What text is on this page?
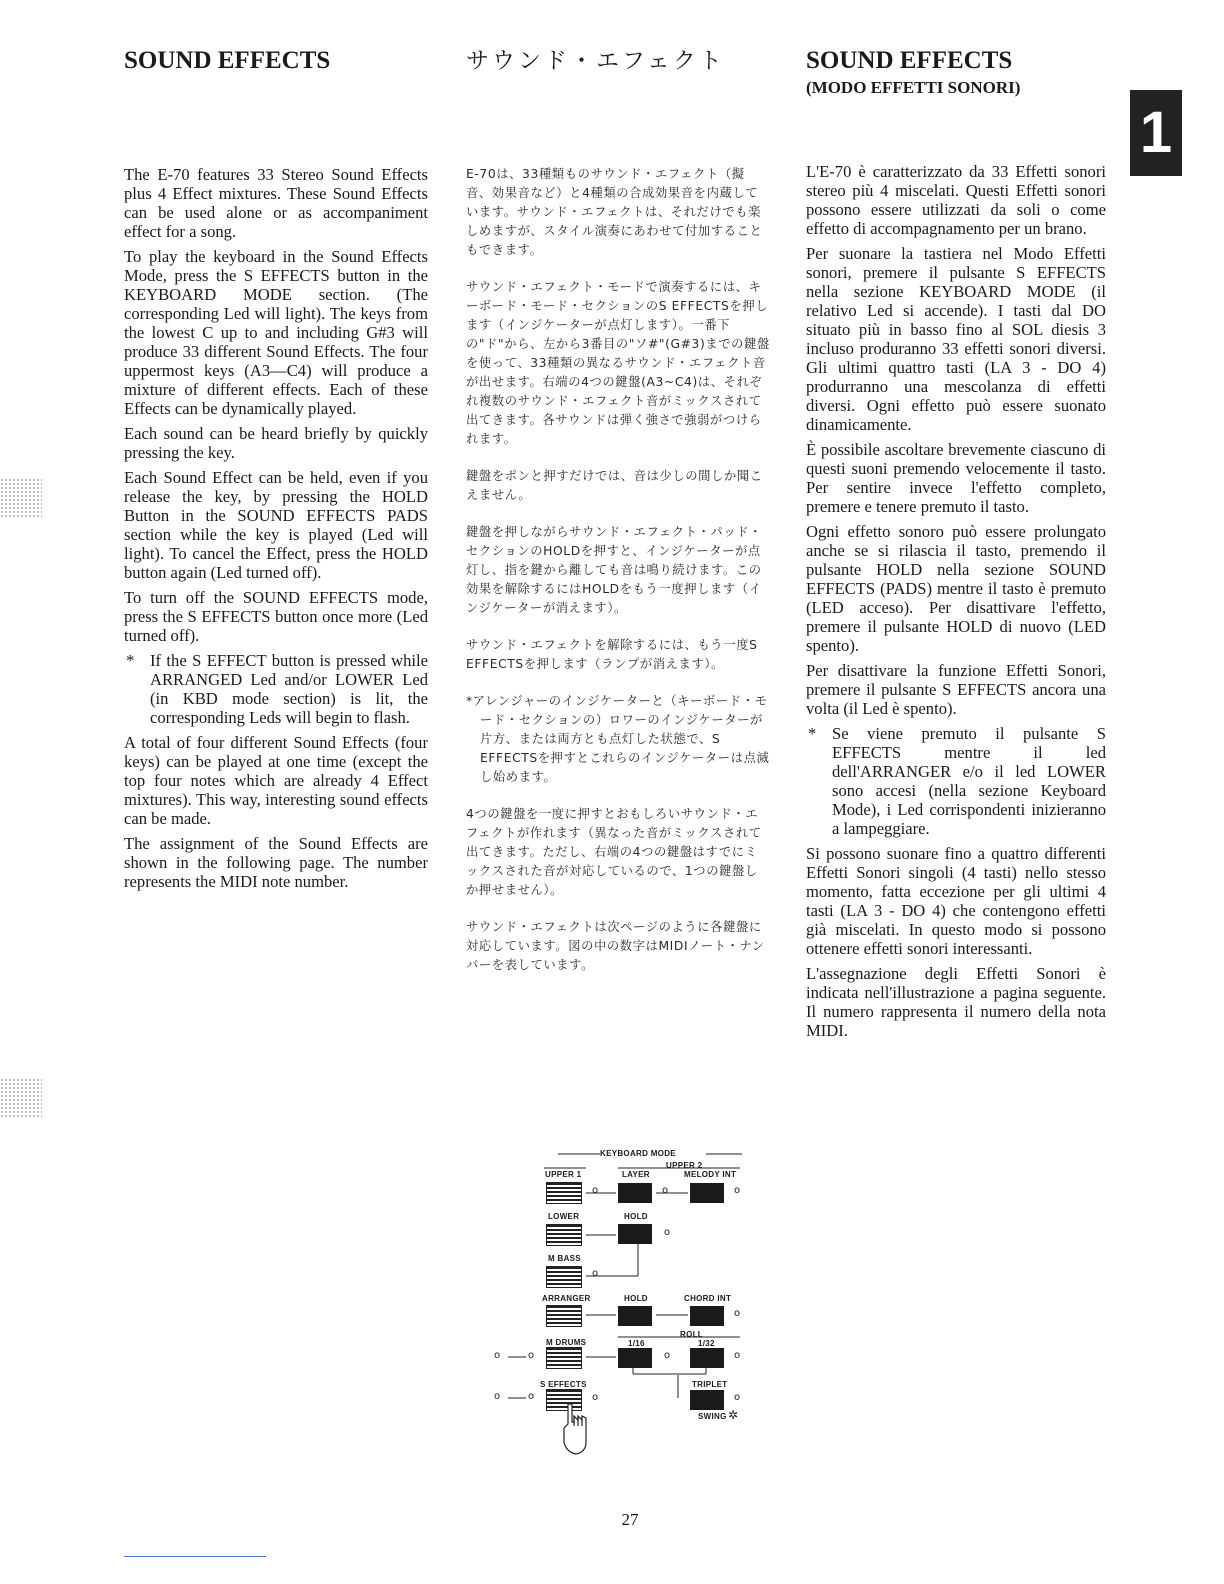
1
SOUND EFFECTS

The E-70 features 33 Stereo Sound Effects plus 4 Effect mixtures. These Sound Effects can be used alone or as accompaniment effect for a song.

To play the keyboard in the Sound Effects Mode, press the S EFFECTS button in the KEYBOARD MODE section. (The corresponding Led will light). The keys from the lowest C up to and including G#3 will produce 33 different Sound Effects. The four uppermost keys (A3—C4) will produce a mixture of different effects. Each of these Effects can be dynamically played.

Each sound can be heard briefly by quickly pressing the key.

Each Sound Effect can be held, even if you release the key, by pressing the HOLD Button in the SOUND EFFECTS PADS section while the key is played (Led will light). To cancel the Effect, press the HOLD button again (Led turned off).

To turn off the SOUND EFFECTS mode, press the S EFFECTS button once more (Led turned off).

* If the S EFFECT button is pressed while ARRANGED Led and/or LOWER Led (in KBD mode section) is lit, the corresponding Leds will begin to flash.

A total of four different Sound Effects (four keys) can be played at one time (except the top four notes which are already 4 Effect mixtures). This way, interesting sound effects can be made.

The assignment of the Sound Effects are shown in the following page. The number represents the MIDI note number.

サウンド・エフェクト

E-70は、33種類ものサウンド・エフェクト（擬音、効果音など）と4種類の合成効果音を内蔵しています。サウンド・エフェクトは、それだけでも楽しめますが、スタイル演奏にあわせて付加することもできます。

サウンド・エフェクト・モードで演奏するには、キーボード・モード・セクションのS EFFECTSを押します（インジケーターが点灯します）。一番下の"ド"から、左から3番目の"ソ#"(G#3)までの鍵盤を使って、33種類の異なるサウンド・エフェクト音が出せます。右端の4つの鍵盤(A3~C4)は、それぞれ複数のサウンド・エフェクト音がミックスされて出てきます。各サウンドは弾く強さで強弱がつけられます。

鍵盤をポンと押すだけでは、音は少しの間しか聞こえません。

鍵盤を押しながらサウンド・エフェクト・パッド・セクションのHOLDを押すと、インジケーターが点灯し、指を鍵から離しても音は鳴り続けます。この効果を解除するにはHOLDをもう一度押します（インジケーターが消えます）。

サウンド・エフェクトを解除するには、もう一度S EFFECTSを押します（ランプが消えます）。

*アレンジャーのインジケーターと（キーボード・モード・セクションの）ロワーのインジケーターが片方、または両方とも点灯した状態で、S EFFECTSを押すとこれらのインジケーターは点滅し始めます。

4つの鍵盤を一度に押すとおもしろいサウンド・エフェクトが作れます（異なった音がミックスされて出てきます。ただし、右端の4つの鍵盤はすでにミックスされた音が対応しているので、1つの鍵盤しか押せません）。

サウンド・エフェクトは次ページのように各鍵盤に対応しています。図の中の数字はMIDIノート・ナンバーを表しています。

SOUND EFFECTS
(MODO EFFETTI SONORI)

L'E-70 è caratterizzato da 33 Effetti sonori stereo più 4 miscelati. Questi Effetti sonori possono essere utilizzati da soli o come effetto di accompagnamento per un brano.

Per suonare la tastiera nel Modo Effetti sonori, premere il pulsante S EFFECTS nella sezione KEYBOARD MODE (il relativo Led si accende). I tasti dal DO situato più in basso fino al SOL diesis 3 incluso produranno 33 effetti sonori diversi. Gli ultimi quattro tasti (LA 3 - DO 4) produrranno una mescolanza di effetti diversi. Ogni effetto può essere suonato dinamicamente.

È possibile ascoltare brevemente ciascuno di questi suoni premendo velocemente il tasto. Per sentire invece l'effetto completo, premere e tenere premuto il tasto.

Ogni effetto sonoro può essere prolungato anche se si rilascia il tasto, premendo il pulsante HOLD nella sezione SOUND EFFECTS (PADS) mentre il tasto è premuto (LED acceso). Per disattivare l'effetto, premere il pulsante HOLD di nuovo (LED spento).

Per disattivare la funzione Effetti Sonori, premere il pulsante S EFFECTS ancora una volta (il Led è spento).

* Se viene premuto il pulsante S EFFECTS mentre il led dell'ARRANGER e/o il led LOWER sono accesi (nella sezione Keyboard Mode), i Led corrispondenti inizieranno a lampeggiare.

Si possono suonare fino a quattro differenti Effetti Sonori singoli (4 tasti) nello stesso momento, fatta eccezione per gli ultimi 4 tasti (LA 3 - DO 4) che contengono effetti già miscelati. In questo modo si possono ottenere effetti sonori interessanti.

L'assegnazione degli Effetti Sonori è indicata nell'illustrazione a pagina seguente. Il numero rappresenta il numero della nota MIDI.

KEYBOARD MODE
UPPER 2
UPPER 1	LAYER	MELODY INT
o	o	o
LOWER	HOLD
o
M BASS
o
ARRANGER	HOLD	CHORD INT
o
ROLL
M DRUMS	1/16	1/32
o	o	o	o
S EFFECTS	TRIPLET
o	o	o	o
SWING ✲
27
